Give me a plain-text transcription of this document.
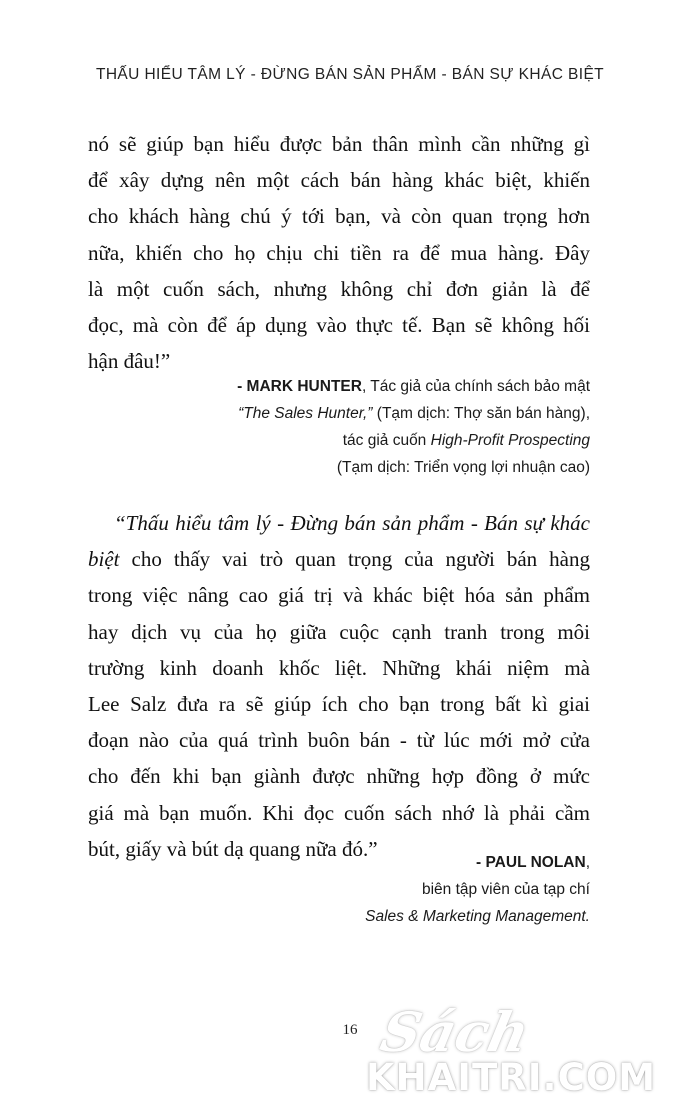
THẤU HIỂU TÂM LÝ - ĐỪNG BÁN SẢN PHẨM - BÁN SỰ KHÁC BIỆT
nó sẽ giúp bạn hiểu được bản thân mình cần những gì
để xây dựng nên một cách bán hàng khác biệt, khiến
cho khách hàng chú ý tới bạn, và còn quan trọng hơn
nữa, khiến cho họ chịu chi tiền ra để mua hàng. Đây
là một cuốn sách, nhưng không chỉ đơn giản là để
đọc, mà còn để áp dụng vào thực tế. Bạn sẽ không hối
hận đâu!”
- MARK HUNTER, Tác giả của chính sách bảo mật
“The Sales Hunter,” (Tạm dịch: Thợ săn bán hàng),
tác giả cuốn High-Profit Prospecting
(Tạm dịch: Triển vọng lợi nhuận cao)
“Thấu hiểu tâm lý - Đừng bán sản phẩm - Bán sự khác
biệt cho thấy vai trò quan trọng của người bán hàng
trong việc nâng cao giá trị và khác biệt hóa sản phẩm
hay dịch vụ của họ giữa cuộc cạnh tranh trong môi
trường kinh doanh khốc liệt. Những khái niệm mà
Lee Salz đưa ra sẽ giúp ích cho bạn trong bất kì giai
đoạn nào của quá trình buôn bán - từ lúc mới mở cửa
cho đến khi bạn giành được những hợp đồng ở mức
giá mà bạn muốn. Khi đọc cuốn sách nhớ là phải cầm
bút, giấy và bút dạ quang nữa đó.”
- PAUL NOLAN,
biên tập viên của tạp chí
Sales & Marketing Management.
16 Sách
KHAITRI.COM
